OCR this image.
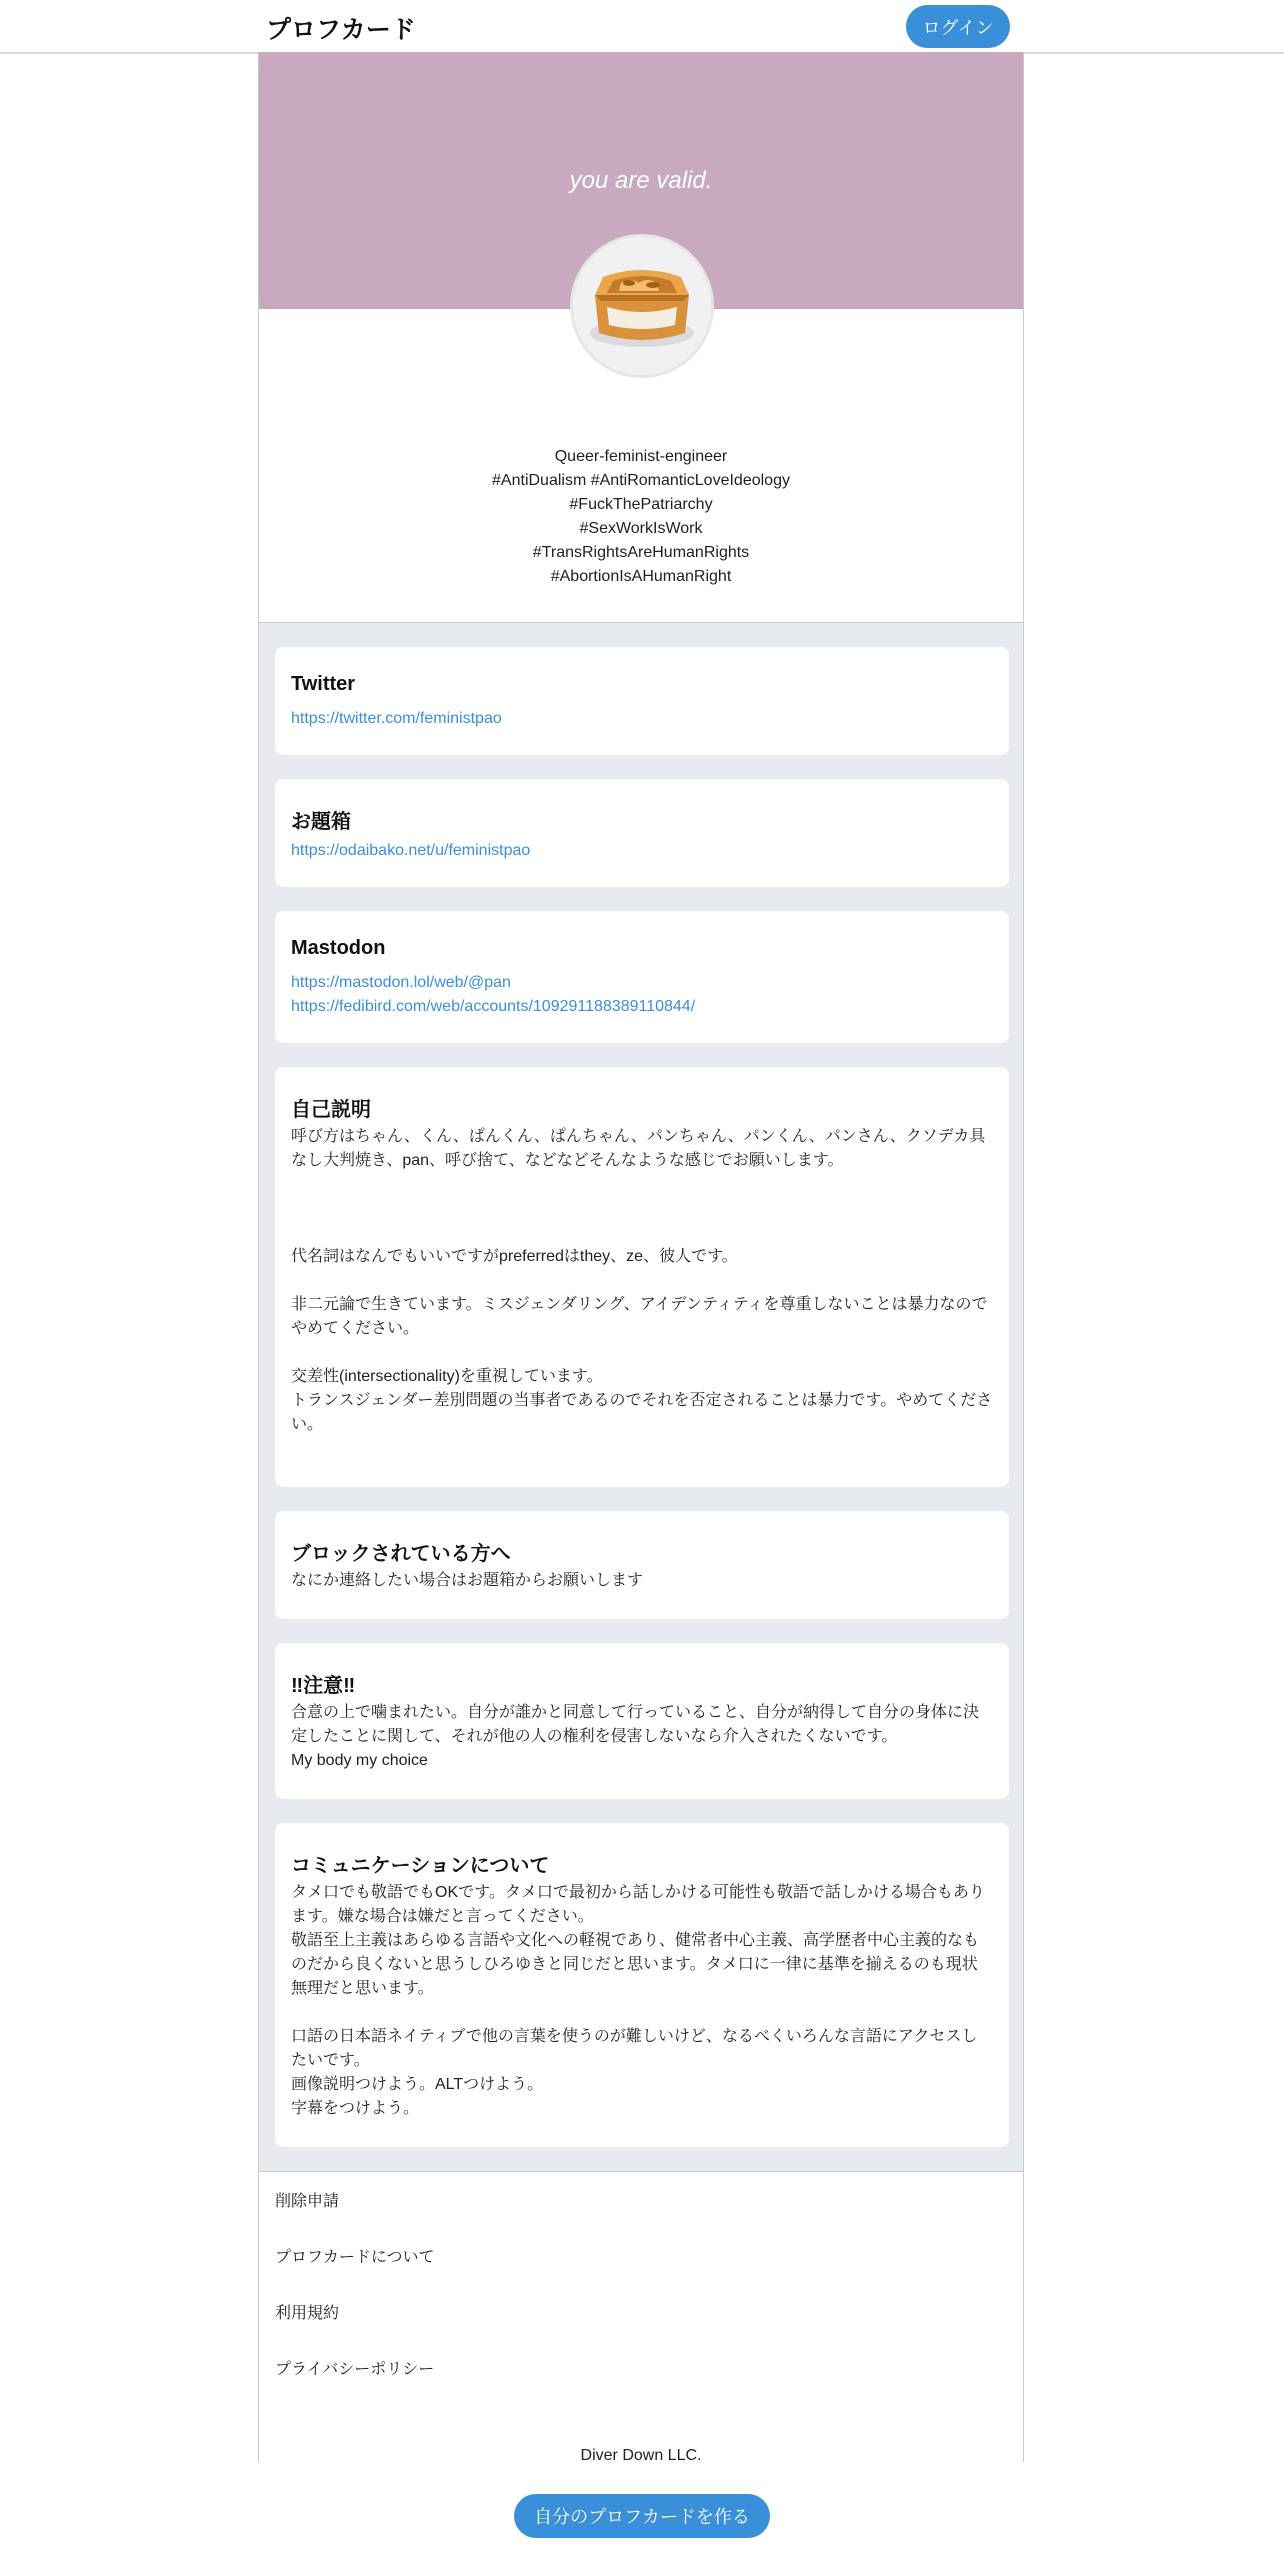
プロフカード	ログイン
you are valid.
Queer-feminist-engineer
#AntiDualism #AntiRomanticLoveIdeology
#FuckThePatriarchy
#SexWorkIsWork
#TransRightsAreHumanRights
#AbortionIsAHumanRight
Twitter
https://twitter.com/feministpao
お題箱
https://odaibako.net/u/feministpao
Mastodon
https://mastodon.lol/web/@pan
https://fedibird.com/web/accounts/109291188389110844/
自己説明
呼び方はちゃん、くん、ぱんくん、ぱんちゃん、パンちゃん、パンくん、パンさん、クソデカ具なし大判焼き、pan、呼び捨て、などなどそんなような感じでお願いします。

代名詞はなんでもいいですがpreferredはthey、ze、彼人です。

非二元論で生きています。ミスジェンダリング、アイデンティティを尊重しないことは暴力なのでやめてください。

交差性(intersectionality)を重視しています。
トランスジェンダー差別問題の当事者であるのでそれを否定されることは暴力です。やめてください。
ブロックされている方へ
なにか連絡したい場合はお題箱からお願いします
‼注意‼
合意の上で噛まれたい。自分が誰かと同意して行っていること、自分が納得して自分の身体に決定したことに関して、それが他の人の権利を侵害しないなら介入されたくないです。
My body my choice
コミュニケーションについて
タメ口でも敬語でもOKです。タメ口で最初から話しかける可能性も敬語で話しかける場合もあります。嫌な場合は嫌だと言ってください。
敬語至上主義はあらゆる言語や文化への軽視であり、健常者中心主義、高学歴者中心主義的なものだから良くないと思うしひろゆきと同じだと思います。タメ口に一律に基準を揃えるのも現状無理だと思います。

口語の日本語ネイティブで他の言葉を使うのが難しいけど、なるべくいろんな言語にアクセスしたいです。
画像説明つけよう。ALTつけよう。
字幕をつけよう。
削除申請
プロフカードについて
利用規約
プライバシーポリシー
Diver Down LLC.
自分のプロフカードを作る
